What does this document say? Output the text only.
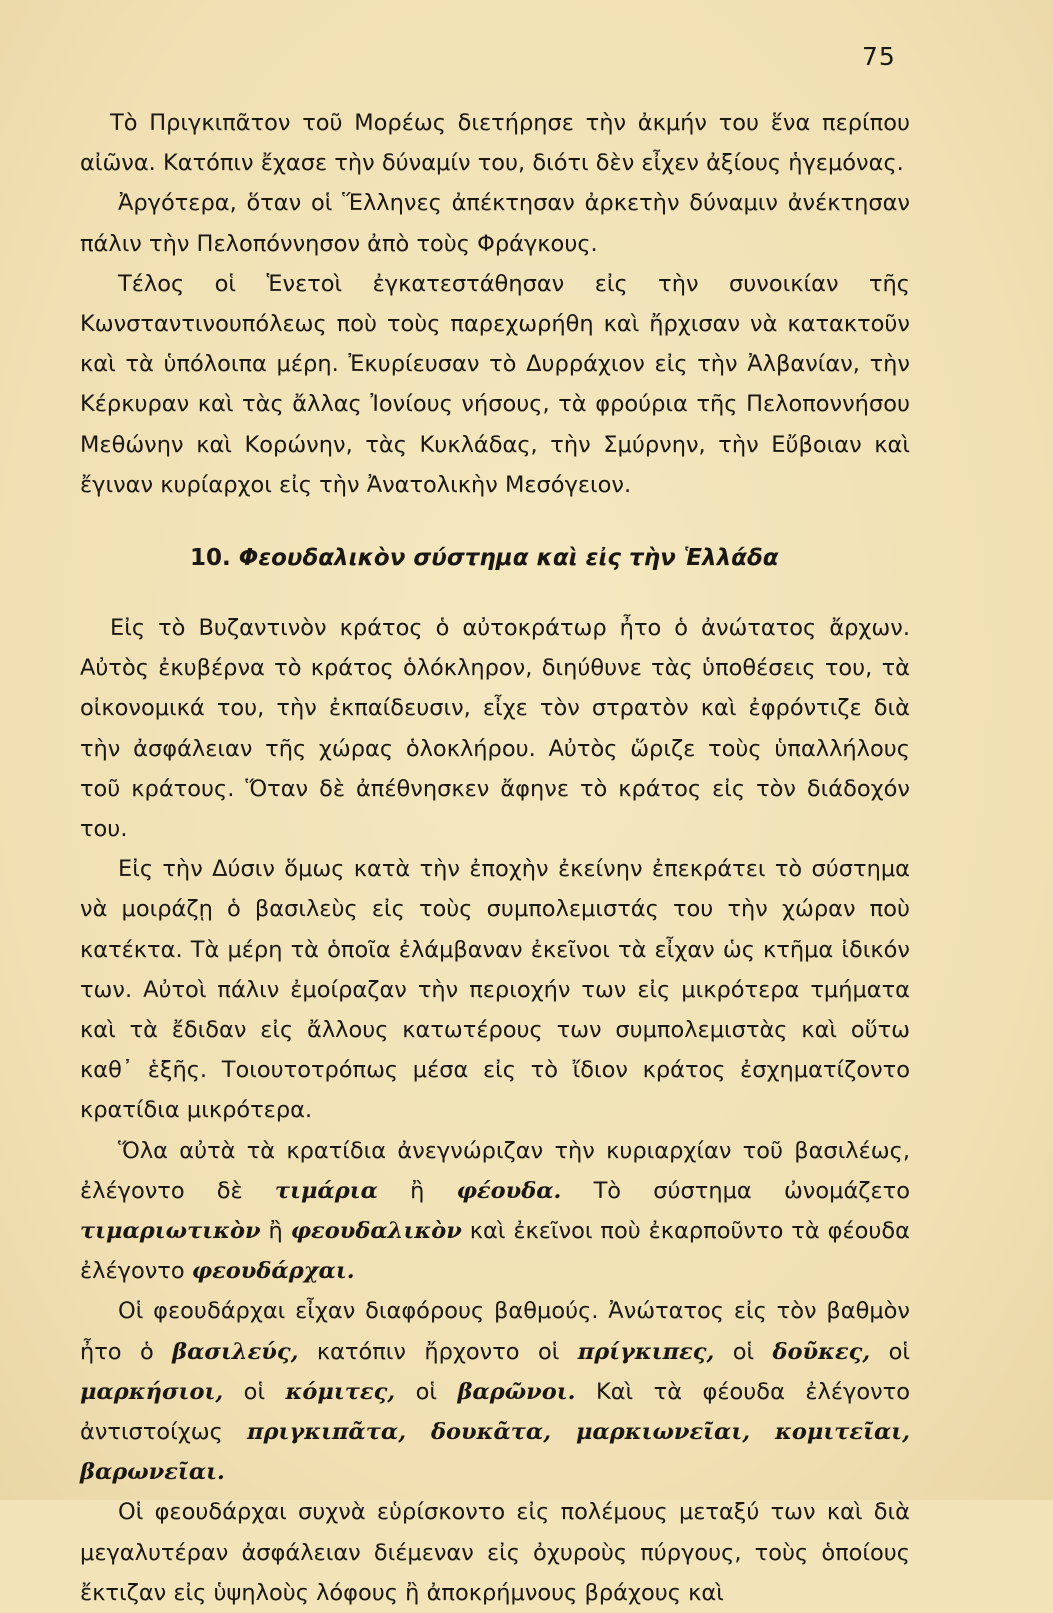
75

Τὸ Πριγκιπᾶτον τοῦ Μορέως διετήρησε τὴν ἀκμήν του ἕνα περίπου αἰῶνα. Κατόπιν ἔχασε τὴν δύναμίν του, διότι δὲν εἶχεν ἀξίους ἡγεμόνας.

Ἀργότερα, ὅταν οἱ Ἕλληνες ἀπέκτησαν ἀρκετὴν δύναμιν ἀνέκτησαν πάλιν τὴν Πελοπόννησον ἀπὸ τοὺς Φράγκους.

Τέλος οἱ Ἑνετοὶ ἐγκατεστάθησαν εἰς τὴν συνοικίαν τῆς Κωνσταντινουπόλεως ποὺ τοὺς παρεχωρήθη καὶ ἤρχισαν νὰ κατακτοῦν καὶ τὰ ὑπόλοιπα μέρη. Ἐκυρίευσαν τὸ Δυρράχιον εἰς τὴν Ἀλβανίαν, τὴν Κέρκυραν καὶ τὰς ἄλλας Ἰονίους νήσους, τὰ φρούρια τῆς Πελοποννήσου Μεθώνην καὶ Κορώνην, τὰς Κυκλάδας, τὴν Σμύρνην, τὴν Εὔβοιαν καὶ ἔγιναν κυρίαρχοι εἰς τὴν Ἀνατολικὴν Μεσόγειον.

10. Φεουδαλικὸν σύστημα καὶ εἰς τὴν Ἑλλάδα

Εἰς τὸ Βυζαντινὸν κράτος ὁ αὐτοκράτωρ ἦτο ὁ ἀνώτατος ἄρχων. Αὐτὸς ἐκυβέρνα τὸ κράτος ὁλόκληρον, διηύθυνε τὰς ὑποθέσεις του, τὰ οἰκονομικά του, τὴν ἐκπαίδευσιν, εἶχε τὸν στρατὸν καὶ ἐφρόντιζε διὰ τὴν ἀσφάλειαν τῆς χώρας ὁλοκλήρου. Αὐτὸς ὥριζε τοὺς ὑπαλλήλους τοῦ κράτους. Ὅταν δὲ ἀπέθνησκεν ἄφηνε τὸ κράτος εἰς τὸν διάδοχόν του.

Εἰς τὴν Δύσιν ὅμως κατὰ τὴν ἐποχὴν ἐκείνην ἐπεκράτει τὸ σύστημα νὰ μοιράζῃ ὁ βασιλεὺς εἰς τοὺς συμπολεμιστάς του τὴν χώραν ποὺ κατέκτα. Τὰ μέρη τὰ ὁποῖα ἐλάμβαναν ἐκεῖνοι τὰ εἶχαν ὡς κτῆμα ἰδικόν των. Αὐτοὶ πάλιν ἐμοίραζαν τὴν περιοχήν των εἰς μικρότερα τμήματα καὶ τὰ ἔδιδαν εἰς ἄλλους κατωτέρους των συμπολεμιστὰς καὶ οὕτω καθ᾽ ἑξῆς. Τοιουτοτρόπως μέσα εἰς τὸ ἴδιον κράτος ἐσχηματίζοντο κρατίδια μικρότερα.

Ὅλα αὐτὰ τὰ κρατίδια ἀνεγνώριζαν τὴν κυριαρχίαν τοῦ βασιλέως, ἐλέγοντο δὲ τιμάρια ἢ φέουδα. Τὸ σύστημα ὠνομάζετο τιμαριωτικὸν ἢ φεουδαλικὸν καὶ ἐκεῖνοι ποὺ ἐκαρποῦντο τὰ φέουδα ἐλέγοντο φεουδάρχαι.

Οἱ φεουδάρχαι εἶχαν διαφόρους βαθμούς. Ἀνώτατος εἰς τὸν βαθμὸν ἦτο ὁ βασιλεύς, κατόπιν ἤρχοντο οἱ πρίγκιπες, οἱ δοῦκες, οἱ μαρκήσιοι, οἱ κόμιτες, οἱ βαρῶνοι. Καὶ τὰ φέουδα ἐλέγοντο ἀντιστοίχως πριγκιπᾶτα, δουκᾶτα, μαρκιωνεῖαι, κομιτεῖαι, βαρωνεῖαι.

Οἱ φεουδάρχαι συχνὰ εὑρίσκοντο εἰς πολέμους μεταξύ των καὶ διὰ μεγαλυτέραν ἀσφάλειαν διέμεναν εἰς ὀχυροὺς πύργους, τοὺς ὁποίους ἔκτιζαν εἰς ὑψηλοὺς λόφους ἢ ἀποκρήμνους βράχους καὶ
